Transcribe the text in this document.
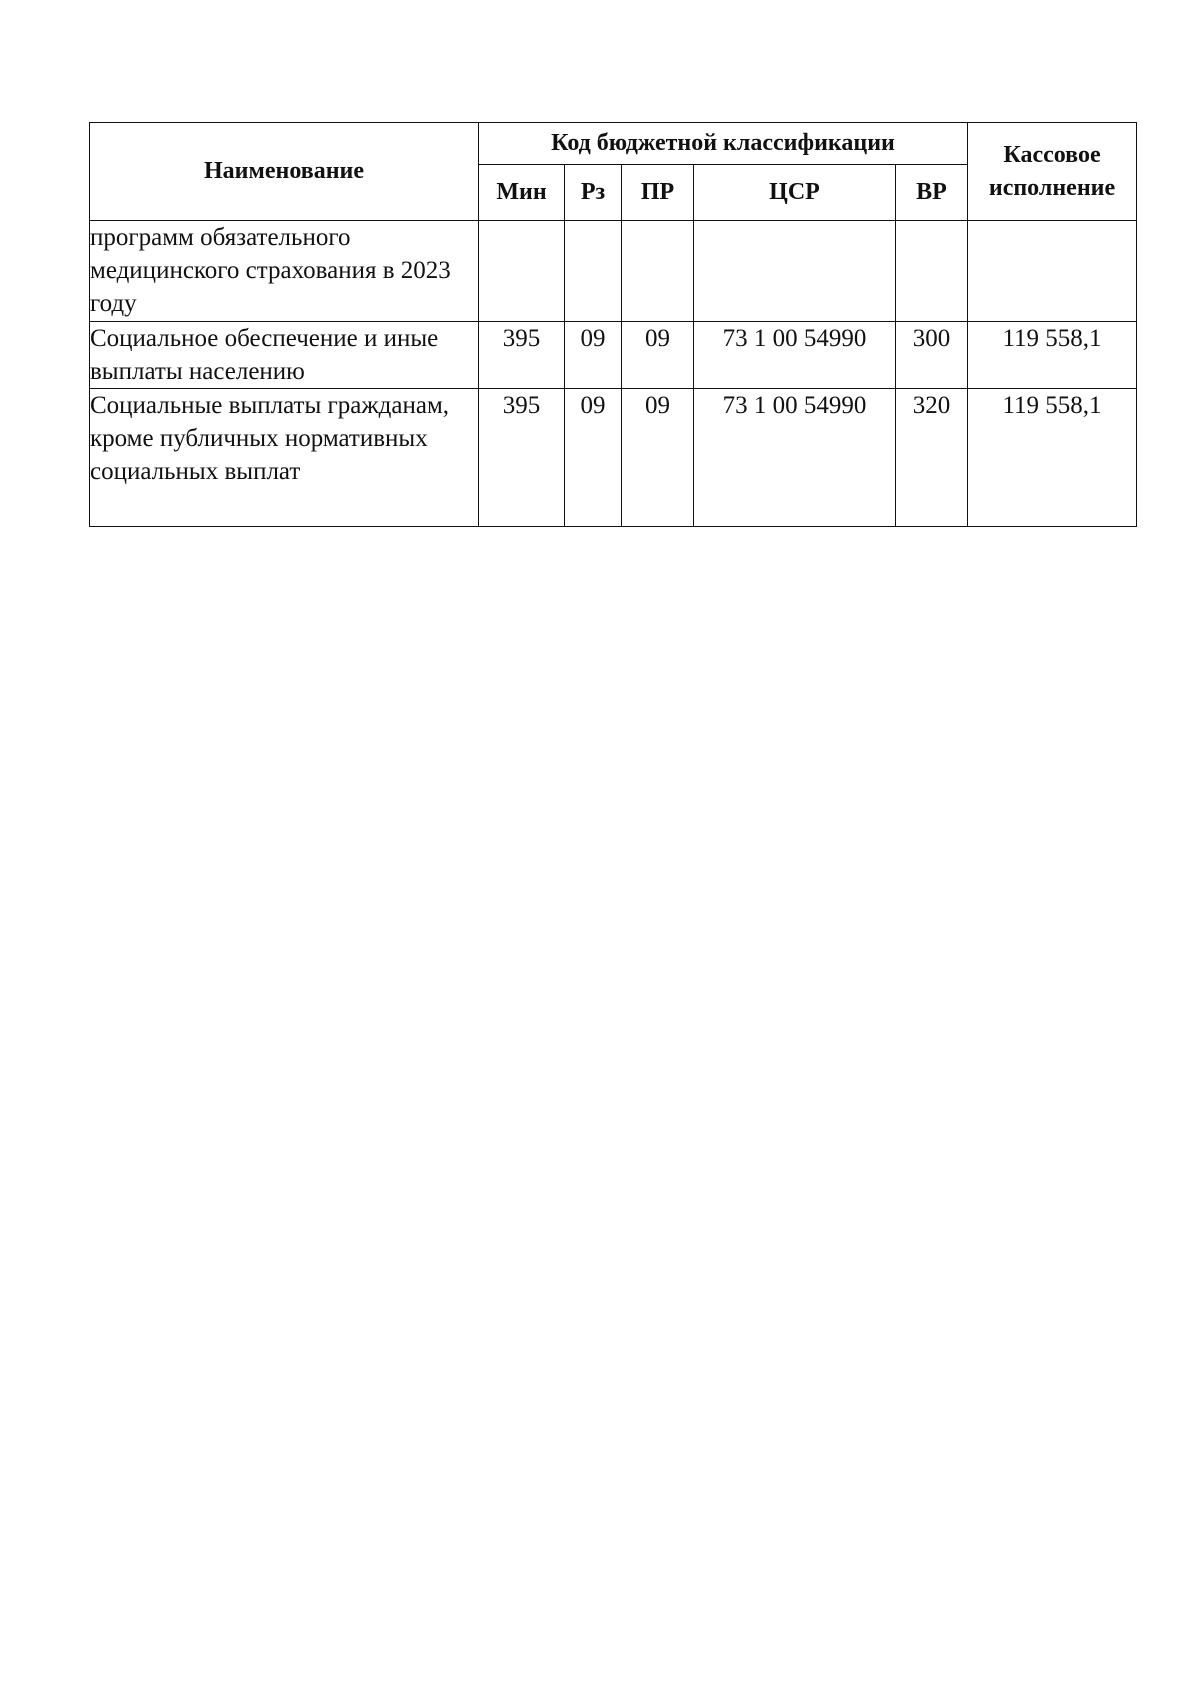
Наименование	Код бюджетной классификации					Кассовое исполнение
	Мин	Рз	ПР	ЦСР	ВР	
программ обязательного медицинского страхования в 2023 году						
Социальное обеспечение и иные выплаты населению	395	09	09	73 1 00 54990	300	119 558,1
Социальные выплаты гражданам, кроме публичных нормативных социальных выплат	395	09	09	73 1 00 54990	320	119 558,1
